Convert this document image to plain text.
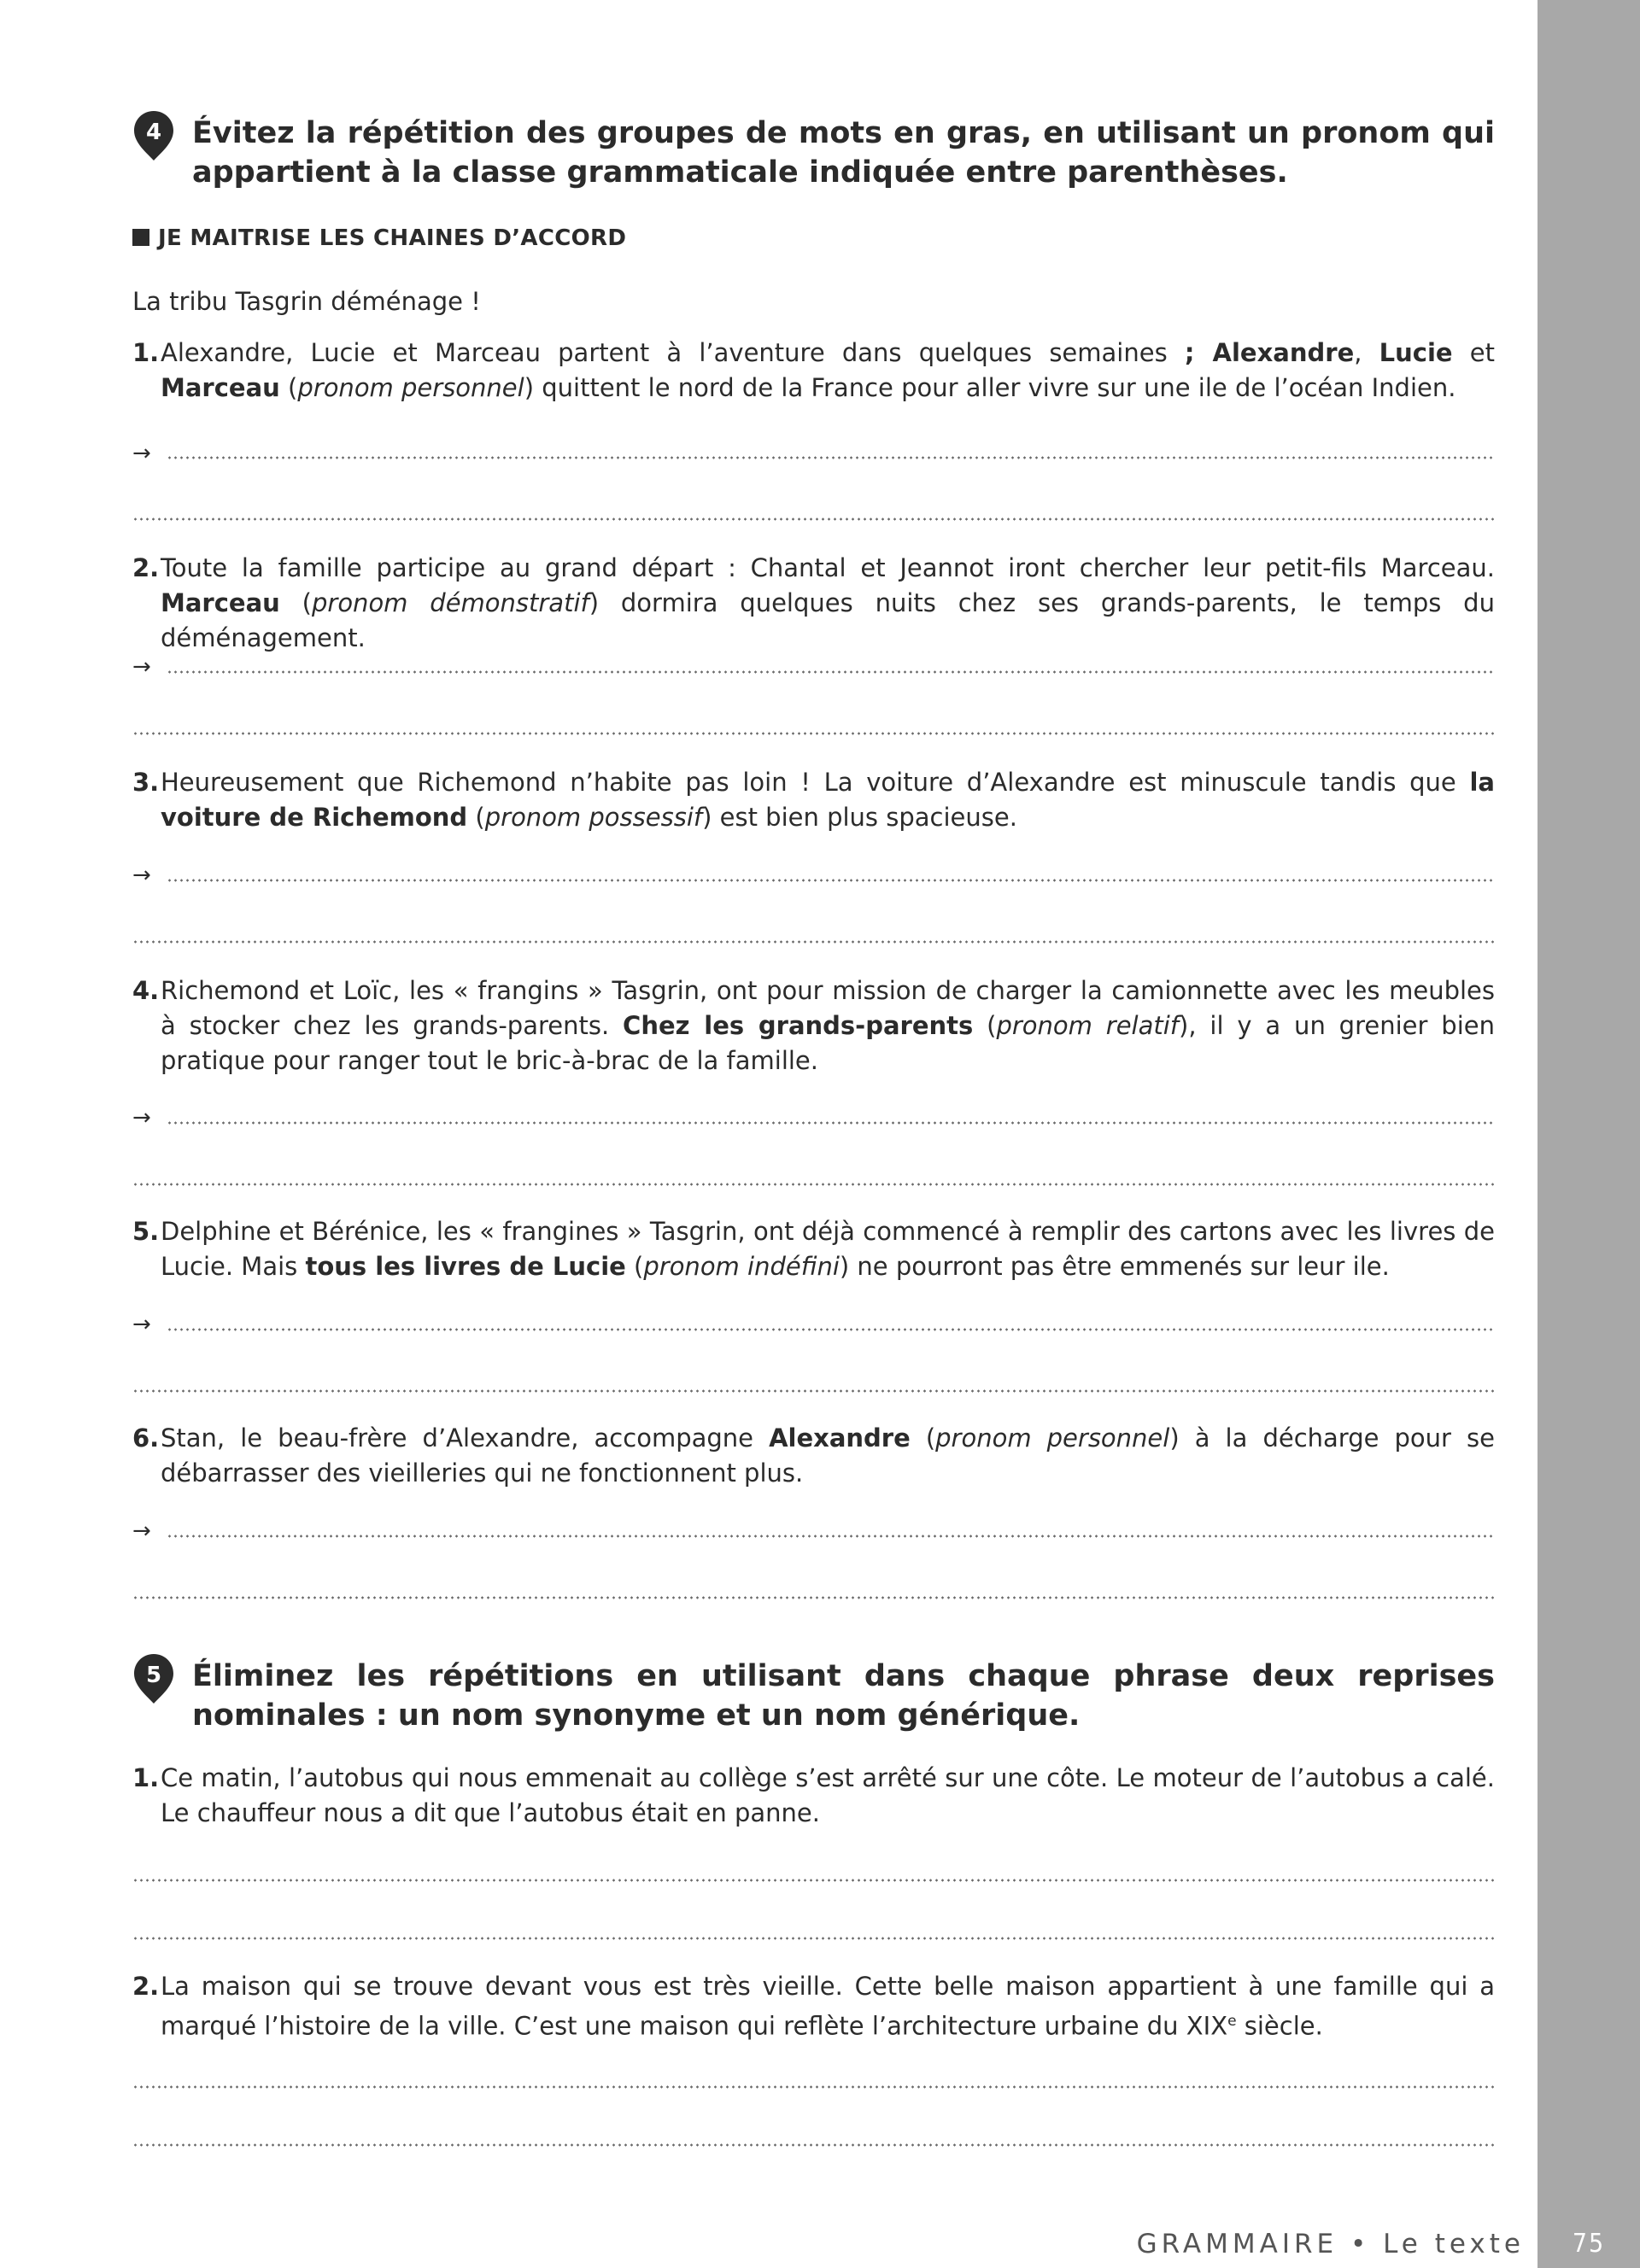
75
GRAMMAIRE • Le texte
4 Évitez la répétition des groupes de mots en gras, en utilisant un pronom qui appartient à la classe grammaticale indiquée entre parenthèses.
JE MAITRISE LES CHAINES D’ACCORD
La tribu Tasgrin déménage !
1. Alexandre, Lucie et Marceau partent à l’aventure dans quelques semaines ; Alexandre, Lucie et Marceau (pronom personnel) quittent le nord de la France pour aller vivre sur une ile de l’océan Indien.
→
2. Toute la famille participe au grand départ : Chantal et Jeannot iront chercher leur petit-fils Marceau. Marceau (pronom démonstratif) dormira quelques nuits chez ses grands-parents, le temps du déménagement.
→
3. Heureusement que Richemond n’habite pas loin ! La voiture d’Alexandre est minuscule tandis que la voiture de Richemond (pronom possessif) est bien plus spacieuse.
→
4. Richemond et Loïc, les « frangins » Tasgrin, ont pour mission de charger la camionnette avec les meubles à stocker chez les grands-parents. Chez les grands-parents (pronom relatif), il y a un grenier bien pratique pour ranger tout le bric-à-brac de la famille.
→
5. Delphine et Bérénice, les « frangines » Tasgrin, ont déjà commencé à remplir des cartons avec les livres de Lucie. Mais tous les livres de Lucie (pronom indéfini) ne pourront pas être emmenés sur leur ile.
→
6. Stan, le beau-frère d’Alexandre, accompagne Alexandre (pronom personnel) à la décharge pour se débarrasser des vieilleries qui ne fonctionnent plus.
→
5 Éliminez les répétitions en utilisant dans chaque phrase deux reprises nominales : un nom synonyme et un nom générique.
1. Ce matin, l’autobus qui nous emmenait au collège s’est arrêté sur une côte. Le moteur de l’autobus a calé. Le chauffeur nous a dit que l’autobus était en panne.
2. La maison qui se trouve devant vous est très vieille. Cette belle maison appartient à une famille qui a marqué l’histoire de la ville. C’est une maison qui reflète l’architecture urbaine du XIXe siècle.
